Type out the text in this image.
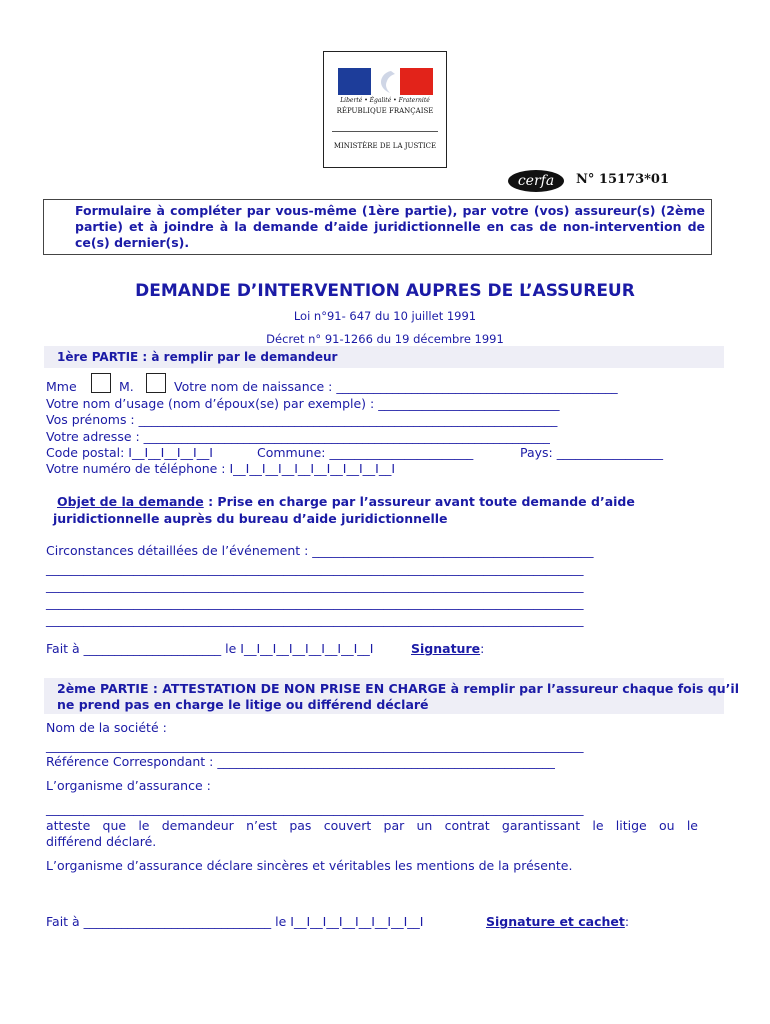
Liberté • Égalité • Fraternité
RÉPUBLIQUE FRANÇAISE
MINISTÈRE DE LA JUSTICE
cerfa	N° 15173*01
Formulaire à compléter par vous-même (1ère partie), par votre (vos) assureur(s) (2ème partie) et à joindre à la demande d’aide juridictionnelle en cas de non-intervention de ce(s) dernier(s).
DEMANDE D’INTERVENTION AUPRES DE L’ASSUREUR
Loi n°91- 647 du 10 juillet 1991
Décret n° 91-1266 du 19 décembre 1991
1ère PARTIE : à remplir par le demandeur
Mme	M.	Votre nom de naissance : _____________________________________________
Votre nom d’usage (nom d’époux(se) par exemple) : _____________________________
Vos prénoms : ___________________________________________________________________
Votre adresse : _________________________________________________________________
Code postal: I__I__I__I__I__I	Commune: _______________________	Pays: _________________
Votre numéro de téléphone : I__I__I__I__I__I__I__I__I__I__I
Objet de la demande : Prise en charge par l’assureur avant toute demande d’aide
juridictionnelle auprès du bureau d’aide juridictionnelle
Circonstances détaillées de l’événement : _____________________________________________
______________________________________________________________________________________
______________________________________________________________________________________
______________________________________________________________________________________
______________________________________________________________________________________
Fait à ______________________ le I__I__I__I__I__I__I__I__I	Signature:
2ème PARTIE : ATTESTATION DE NON PRISE EN CHARGE à remplir par l’assureur chaque fois qu’il
ne prend pas en charge le litige ou différend déclaré
Nom de la société :
______________________________________________________________________________________
Référence Correspondant : ______________________________________________________
L’organisme d’assurance :
______________________________________________________________________________________
atteste que le demandeur n’est pas couvert par un contrat garantissant le litige ou le
différend déclaré.
L’organisme d’assurance déclare sincères et véritables les mentions de la présente.
Fait à ______________________________ le I__I__I__I__I__I__I__I__I	Signature et cachet:
